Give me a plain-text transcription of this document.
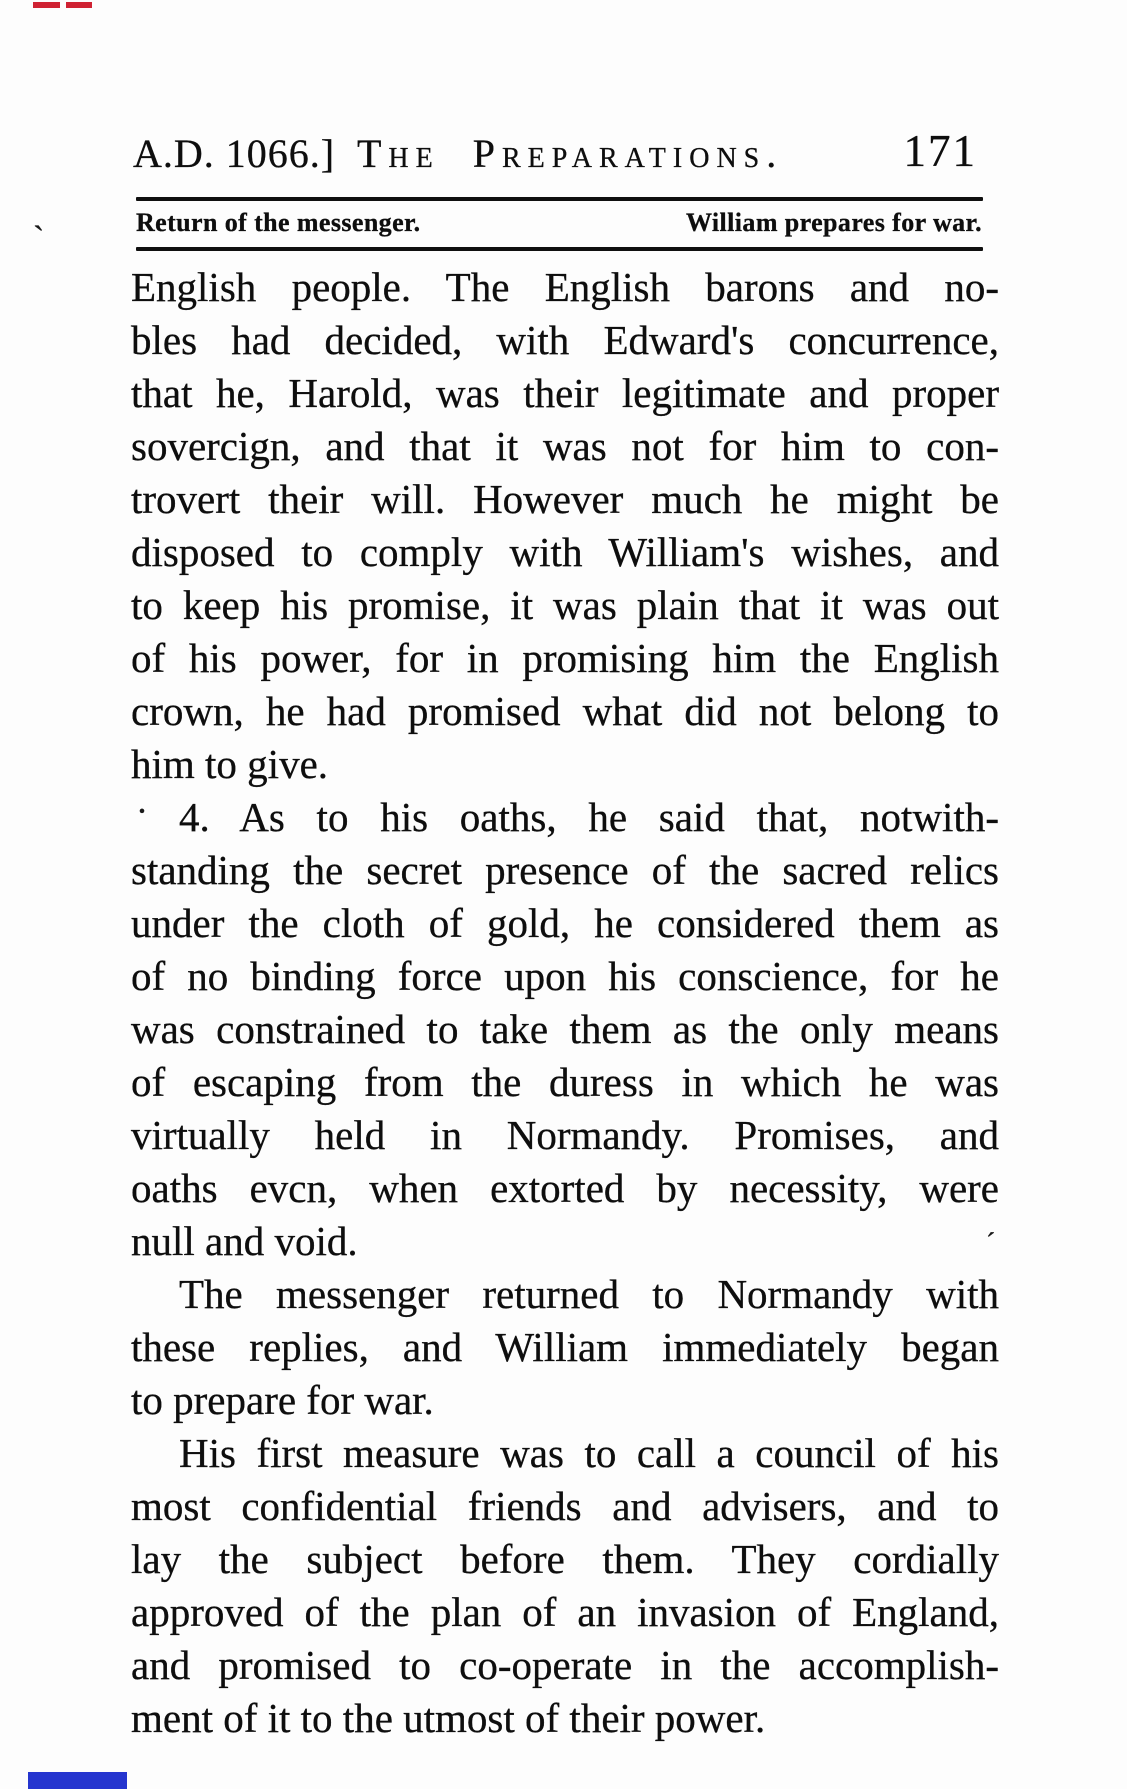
A.D. 1066.] The Preparations.	171
Return of the messenger.	William prepares for war.
English people. The English barons and no-
bles had decided, with Edward's concurrence,
that he, Harold, was their legitimate and proper
sovercign, and that it was not for him to con-
trovert their will. However much he might be
disposed to comply with William's wishes, and
to keep his promise, it was plain that it was out
of his power, for in promising him the English
crown, he had promised what did not belong to
him to give.
4. As to his oaths, he said that, notwith-
standing the secret presence of the sacred relics
under the cloth of gold, he considered them as
of no binding force upon his conscience, for he
was constrained to take them as the only means
of escaping from the duress in which he was
virtually held in Normandy. Promises, and
oaths evcn, when extorted by necessity, were
null and void.
The messenger returned to Normandy with
these replies, and William immediately began
to prepare for war.
His first measure was to call a council of his
most confidential friends and advisers, and to
lay the subject before them. They cordially
approved of the plan of an invasion of England,
and promised to co-operate in the accomplish-
ment of it to the utmost of their power.
`
·
ˊ
